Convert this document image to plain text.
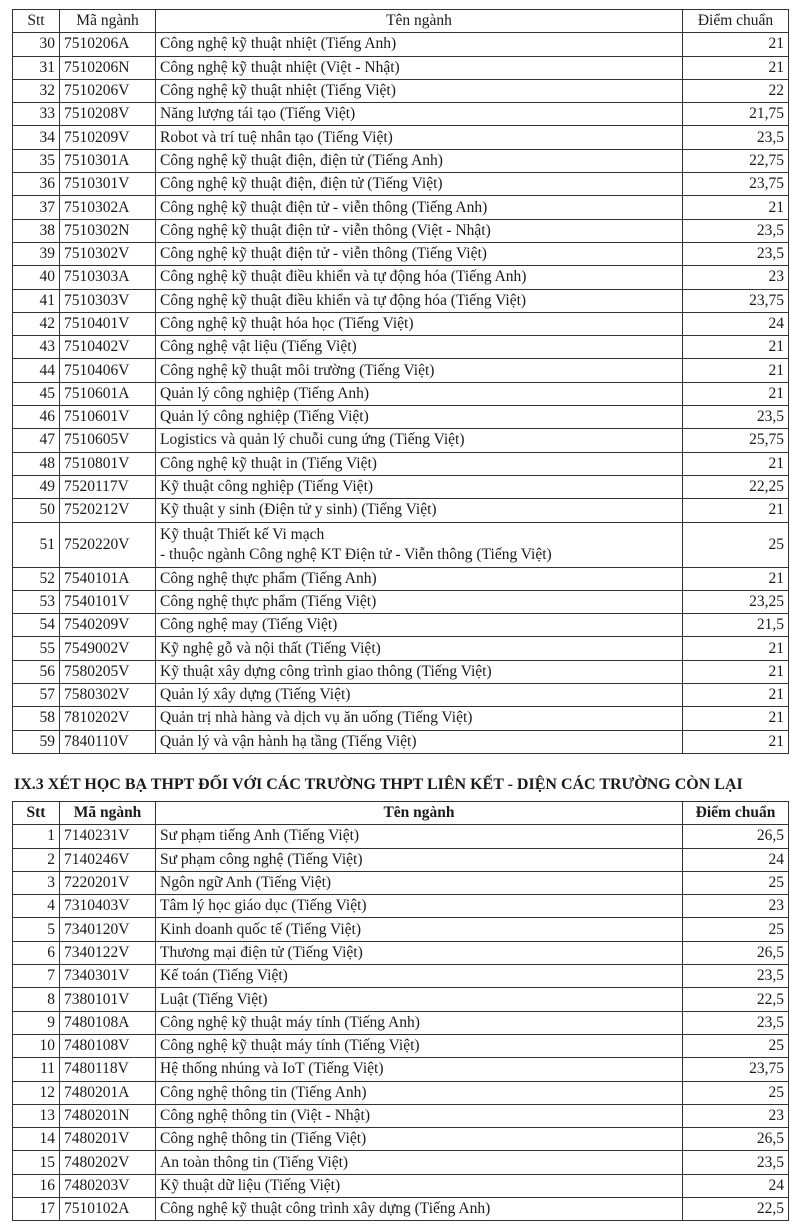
Stt	Mã ngành	Tên ngành	Điểm chuẩn
30	7510206A	Công nghệ kỹ thuật nhiệt (Tiếng Anh)	21
31	7510206N	Công nghệ kỹ thuật nhiệt (Việt - Nhật)	21
32	7510206V	Công nghệ kỹ thuật nhiệt (Tiếng Việt)	22
33	7510208V	Năng lượng tái tạo (Tiếng Việt)	21,75
34	7510209V	Robot và trí tuệ nhân tạo (Tiếng Việt)	23,5
35	7510301A	Công nghệ kỹ thuật điện, điện tử (Tiếng Anh)	22,75
36	7510301V	Công nghệ kỹ thuật điện, điện tử (Tiếng Việt)	23,75
37	7510302A	Công nghệ kỹ thuật điện tử - viễn thông (Tiếng Anh)	21
38	7510302N	Công nghệ kỹ thuật điện tử - viễn thông (Việt - Nhật)	23,5
39	7510302V	Công nghệ kỹ thuật điện tử - viễn thông (Tiếng Việt)	23,5
40	7510303A	Công nghệ kỹ thuật điều khiển và tự động hóa (Tiếng Anh)	23
41	7510303V	Công nghệ kỹ thuật điều khiển và tự động hóa (Tiếng Việt)	23,75
42	7510401V	Công nghệ kỹ thuật hóa học (Tiếng Việt)	24
43	7510402V	Công nghệ vật liệu (Tiếng Việt)	21
44	7510406V	Công nghệ kỹ thuật môi trường (Tiếng Việt)	21
45	7510601A	Quản lý công nghiệp (Tiếng Anh)	21
46	7510601V	Quản lý công nghiệp (Tiếng Việt)	23,5
47	7510605V	Logistics và quản lý chuỗi cung ứng (Tiếng Việt)	25,75
48	7510801V	Công nghệ kỹ thuật in (Tiếng Việt)	21
49	7520117V	Kỹ thuật công nghiệp (Tiếng Việt)	22,25
50	7520212V	Kỹ thuật y sinh (Điện tử y sinh) (Tiếng Việt)	21
51	7520220V	Kỹ thuật Thiết kế Vi mạch
- thuộc ngành Công nghệ KT Điện tử - Viễn thông (Tiếng Việt)	25
52	7540101A	Công nghệ thực phẩm (Tiếng Anh)	21
53	7540101V	Công nghệ thực phẩm (Tiếng Việt)	23,25
54	7540209V	Công nghệ may (Tiếng Việt)	21,5
55	7549002V	Kỹ nghệ gỗ và nội thất (Tiếng Việt)	21
56	7580205V	Kỹ thuật xây dựng công trình giao thông (Tiếng Việt)	21
57	7580302V	Quản lý xây dựng (Tiếng Việt)	21
58	7810202V	Quản trị nhà hàng và dịch vụ ăn uống (Tiếng Việt)	21
59	7840110V	Quản lý và vận hành hạ tầng (Tiếng Việt)	21
IX.3 XÉT HỌC BẠ THPT ĐỐI VỚI CÁC TRƯỜNG THPT LIÊN KẾT - DIỆN CÁC TRƯỜNG CÒN LẠI
Stt	Mã ngành	Tên ngành	Điểm chuẩn
1	7140231V	Sư phạm tiếng Anh (Tiếng Việt)	26,5
2	7140246V	Sư phạm công nghệ (Tiếng Việt)	24
3	7220201V	Ngôn ngữ Anh (Tiếng Việt)	25
4	7310403V	Tâm lý học giáo dục (Tiếng Việt)	23
5	7340120V	Kinh doanh quốc tế (Tiếng Việt)	25
6	7340122V	Thương mại điện tử (Tiếng Việt)	26,5
7	7340301V	Kế toán (Tiếng Việt)	23,5
8	7380101V	Luật (Tiếng Việt)	22,5
9	7480108A	Công nghệ kỹ thuật máy tính (Tiếng Anh)	23,5
10	7480108V	Công nghệ kỹ thuật máy tính (Tiếng Việt)	25
11	7480118V	Hệ thống nhúng và IoT (Tiếng Việt)	23,75
12	7480201A	Công nghệ thông tin (Tiếng Anh)	25
13	7480201N	Công nghệ thông tin (Việt - Nhật)	23
14	7480201V	Công nghệ thông tin (Tiếng Việt)	26,5
15	7480202V	An toàn thông tin (Tiếng Việt)	23,5
16	7480203V	Kỹ thuật dữ liệu (Tiếng Việt)	24
17	7510102A	Công nghệ kỹ thuật công trình xây dựng (Tiếng Anh)	22,5
